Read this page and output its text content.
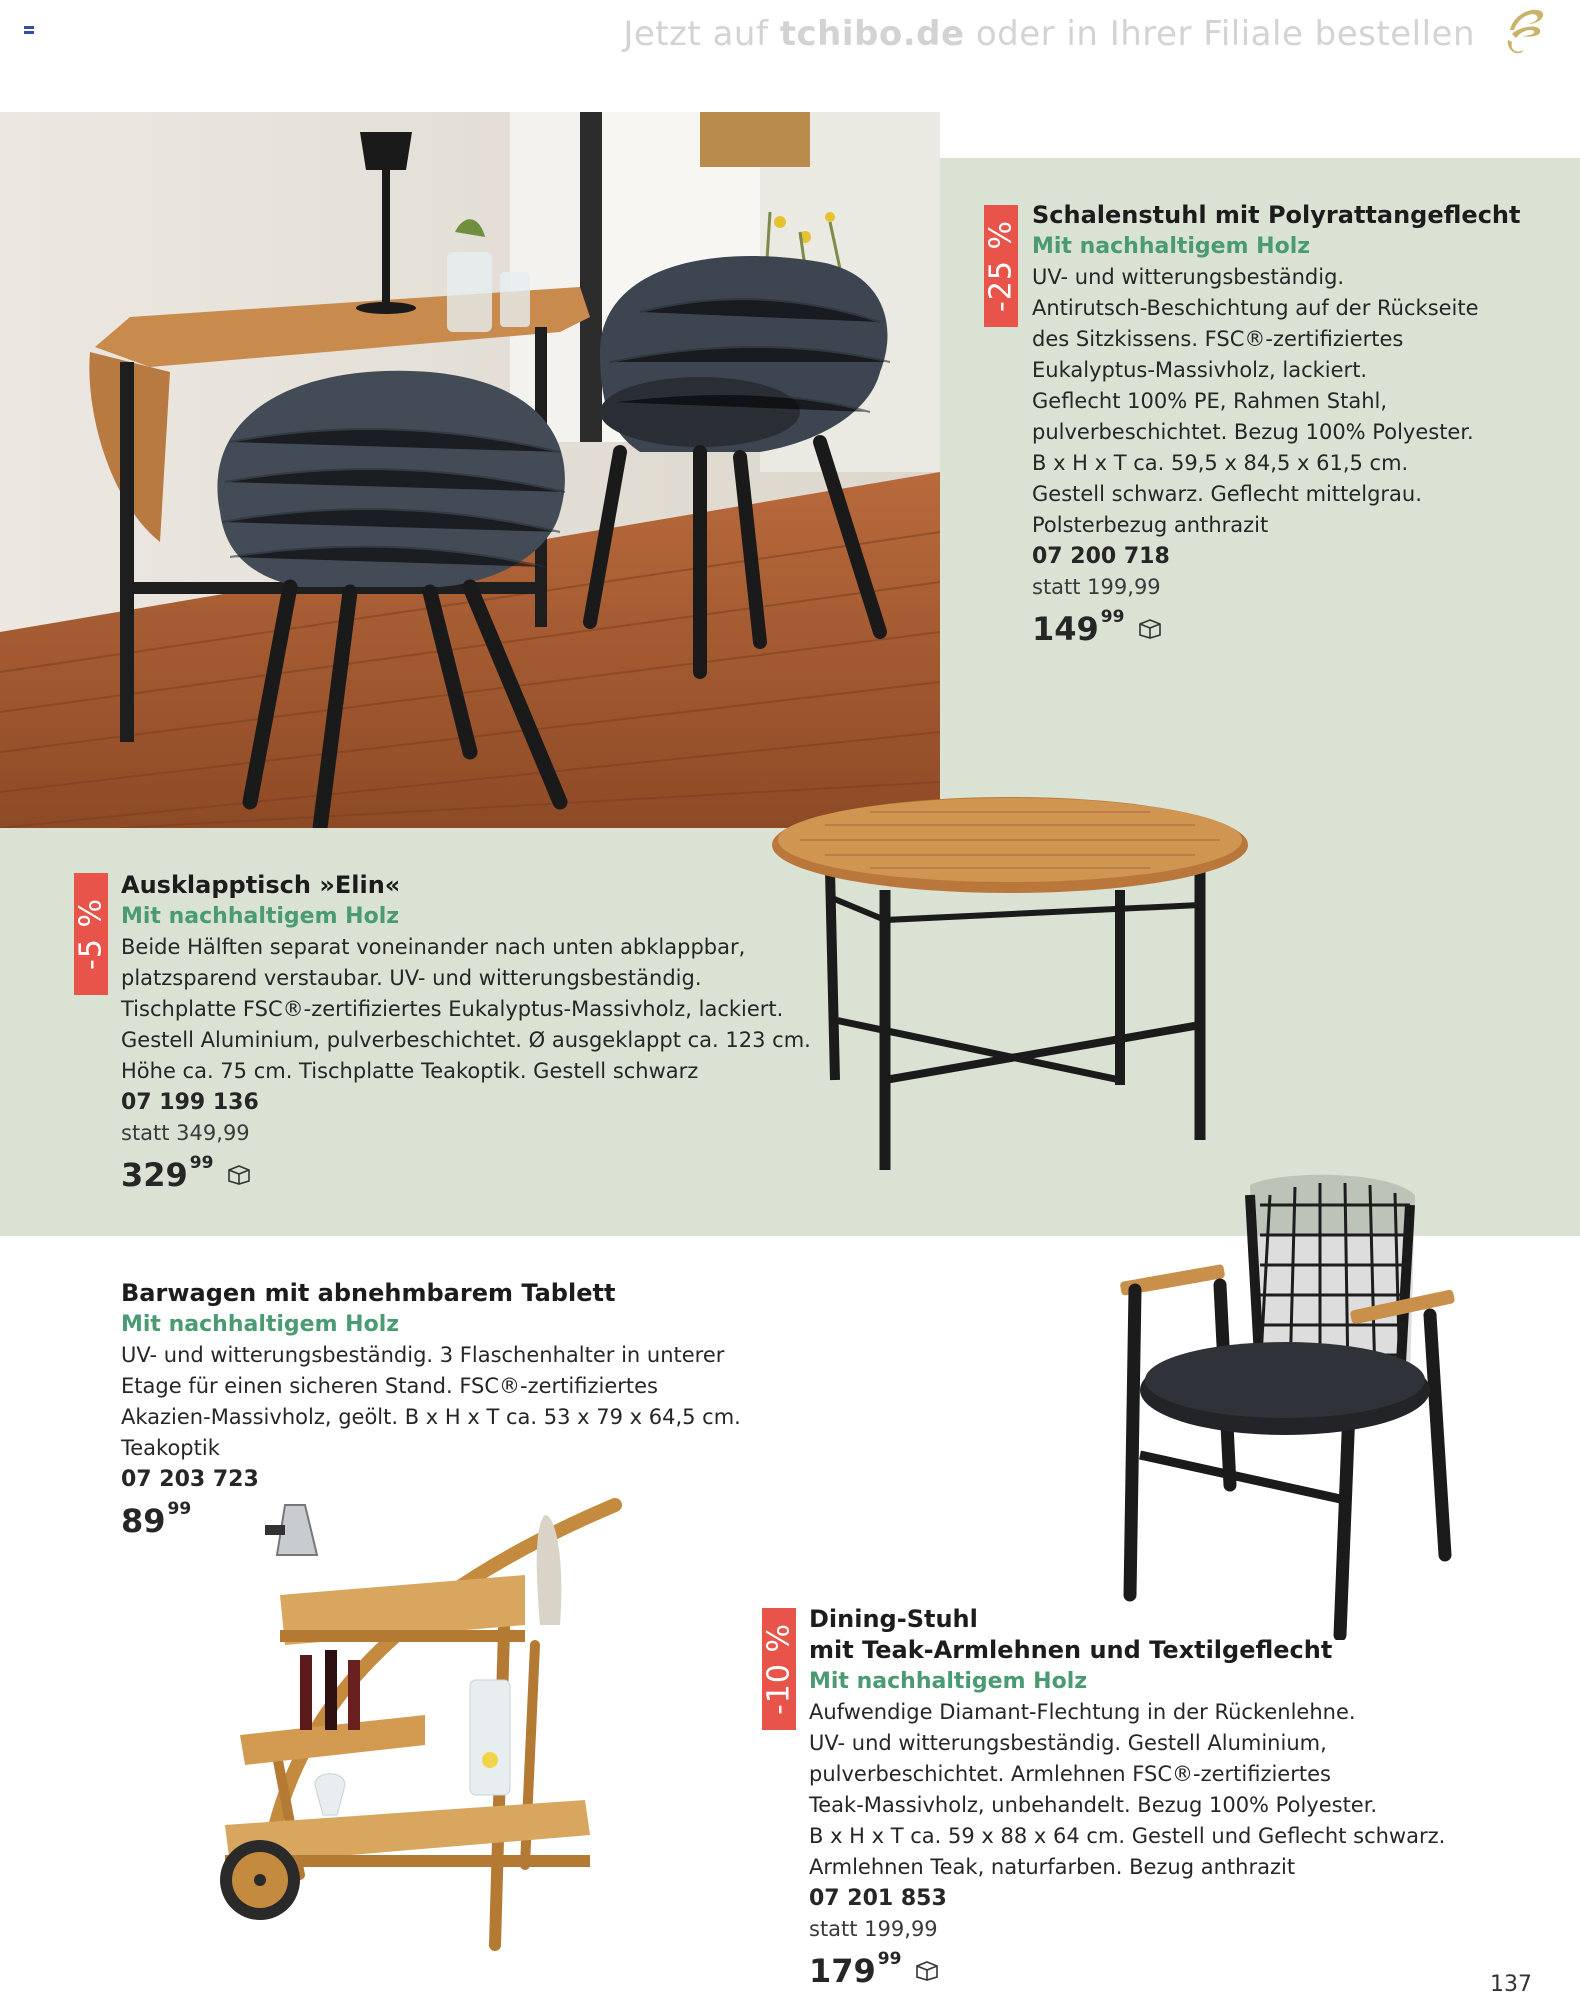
Jetzt auf tchibo.de oder in Ihrer Filiale bestellen
-25 %
Schalenstuhl mit Polyrattangeflecht
Mit nachhaltigem Holz
UV- und witterungsbeständig.
Antirutsch-Beschichtung auf der Rückseite
des Sitzkissens. FSC®-zertifiziertes
Eukalyptus-Massivholz, lackiert.
Geflecht 100% PE, Rahmen Stahl,
pulverbeschichtet. Bezug 100% Polyester.
B x H x T ca. 59,5 x 84,5 x 61,5 cm.
Gestell schwarz. Geflecht mittelgrau.
Polsterbezug anthrazit
07 200 718
statt 199,99
149 99
-5 %
Ausklapptisch »Elin«
Mit nachhaltigem Holz
Beide Hälften separat voneinander nach unten abklappbar,
platzsparend verstaubar. UV- und witterungsbeständig.
Tischplatte FSC®-zertifiziertes Eukalyptus-Massivholz, lackiert.
Gestell Aluminium, pulverbeschichtet. Ø ausgeklappt ca. 123 cm.
Höhe ca. 75 cm. Tischplatte Teakoptik. Gestell schwarz
07 199 136
statt 349,99
329 99
Barwagen mit abnehmbarem Tablett
Mit nachhaltigem Holz
UV- und witterungsbeständig. 3 Flaschenhalter in unterer
Etage für einen sicheren Stand. FSC®-zertifiziertes
Akazien-Massivholz, geölt. B x H x T ca. 53 x 79 x 64,5 cm.
Teakoptik
07 203 723
89 99
-10 %
Dining-Stuhl
mit Teak-Armlehnen und Textilgeflecht
Mit nachhaltigem Holz
Aufwendige Diamant-Flechtung in der Rückenlehne.
UV- und witterungsbeständig. Gestell Aluminium,
pulverbeschichtet. Armlehnen FSC®-zertifiziertes
Teak-Massivholz, unbehandelt. Bezug 100% Polyester.
B x H x T ca. 59 x 88 x 64 cm. Gestell und Geflecht schwarz.
Armlehnen Teak, naturfarben. Bezug anthrazit
07 201 853
statt 199,99
179 99
137
